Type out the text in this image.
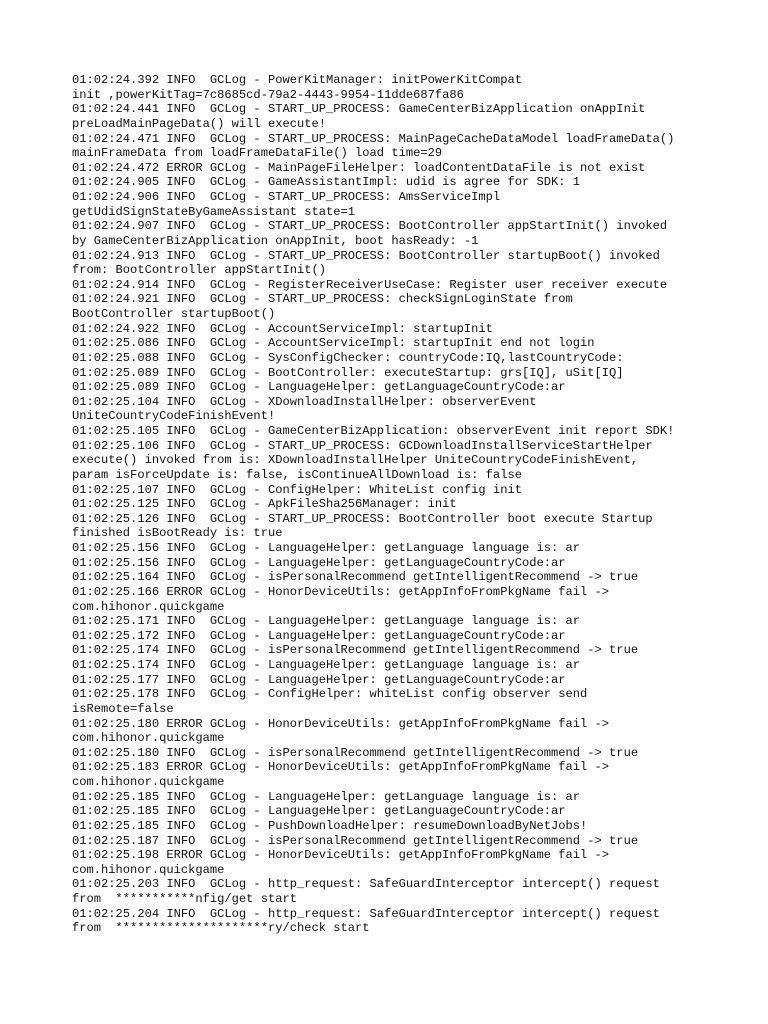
01:02:24.392 INFO  GCLog - PowerKitManager: initPowerKitCompat
init ,powerKitTag=7c8685cd-79a2-4443-9954-11dde687fa86
01:02:24.441 INFO  GCLog - START_UP_PROCESS: GameCenterBizApplication onAppInit
preLoadMainPageData() will execute!
01:02:24.471 INFO  GCLog - START_UP_PROCESS: MainPageCacheDataModel loadFrameData()
mainFrameData from loadFrameDataFile() load time=29
01:02:24.472 ERROR GCLog - MainPageFileHelper: loadContentDataFile is not exist
01:02:24.905 INFO  GCLog - GameAssistantImpl: udid is agree for SDK: 1
01:02:24.906 INFO  GCLog - START_UP_PROCESS: AmsServiceImpl
getUdidSignStateByGameAssistant state=1
01:02:24.907 INFO  GCLog - START_UP_PROCESS: BootController appStartInit() invoked
by GameCenterBizApplication onAppInit, boot hasReady: -1
01:02:24.913 INFO  GCLog - START_UP_PROCESS: BootController startupBoot() invoked
from: BootController appStartInit()
01:02:24.914 INFO  GCLog - RegisterReceiverUseCase: Register user receiver execute
01:02:24.921 INFO  GCLog - START_UP_PROCESS: checkSignLoginState from
BootController startupBoot()
01:02:24.922 INFO  GCLog - AccountServiceImpl: startupInit
01:02:25.086 INFO  GCLog - AccountServiceImpl: startupInit end not login
01:02:25.088 INFO  GCLog - SysConfigChecker: countryCode:IQ,lastCountryCode:
01:02:25.089 INFO  GCLog - BootController: executeStartup: grs[IQ], uSit[IQ]
01:02:25.089 INFO  GCLog - LanguageHelper: getLanguageCountryCode:ar
01:02:25.104 INFO  GCLog - XDownloadInstallHelper: observerEvent
UniteCountryCodeFinishEvent!
01:02:25.105 INFO  GCLog - GameCenterBizApplication: observerEvent init report SDK!
01:02:25.106 INFO  GCLog - START_UP_PROCESS: GCDownloadInstallServiceStartHelper
execute() invoked from is: XDownloadInstallHelper UniteCountryCodeFinishEvent,
param isForceUpdate is: false, isContinueAllDownload is: false
01:02:25.107 INFO  GCLog - ConfigHelper: WhiteList config init
01:02:25.125 INFO  GCLog - ApkFileSha256Manager: init
01:02:25.126 INFO  GCLog - START_UP_PROCESS: BootController boot execute Startup
finished isBootReady is: true
01:02:25.156 INFO  GCLog - LanguageHelper: getLanguage language is: ar
01:02:25.156 INFO  GCLog - LanguageHelper: getLanguageCountryCode:ar
01:02:25.164 INFO  GCLog - isPersonalRecommend getIntelligentRecommend -> true
01:02:25.166 ERROR GCLog - HonorDeviceUtils: getAppInfoFromPkgName fail ->
com.hihonor.quickgame
01:02:25.171 INFO  GCLog - LanguageHelper: getLanguage language is: ar
01:02:25.172 INFO  GCLog - LanguageHelper: getLanguageCountryCode:ar
01:02:25.174 INFO  GCLog - isPersonalRecommend getIntelligentRecommend -> true
01:02:25.174 INFO  GCLog - LanguageHelper: getLanguage language is: ar
01:02:25.177 INFO  GCLog - LanguageHelper: getLanguageCountryCode:ar
01:02:25.178 INFO  GCLog - ConfigHelper: whiteList config observer send
isRemote=false
01:02:25.180 ERROR GCLog - HonorDeviceUtils: getAppInfoFromPkgName fail ->
com.hihonor.quickgame
01:02:25.180 INFO  GCLog - isPersonalRecommend getIntelligentRecommend -> true
01:02:25.183 ERROR GCLog - HonorDeviceUtils: getAppInfoFromPkgName fail ->
com.hihonor.quickgame
01:02:25.185 INFO  GCLog - LanguageHelper: getLanguage language is: ar
01:02:25.185 INFO  GCLog - LanguageHelper: getLanguageCountryCode:ar
01:02:25.185 INFO  GCLog - PushDownloadHelper: resumeDownloadByNetJobs!
01:02:25.187 INFO  GCLog - isPersonalRecommend getIntelligentRecommend -> true
01:02:25.198 ERROR GCLog - HonorDeviceUtils: getAppInfoFromPkgName fail ->
com.hihonor.quickgame
01:02:25.203 INFO  GCLog - http_request: SafeGuardInterceptor intercept() request
from  ***********nfig/get start
01:02:25.204 INFO  GCLog - http_request: SafeGuardInterceptor intercept() request
from  *********************ry/check start
